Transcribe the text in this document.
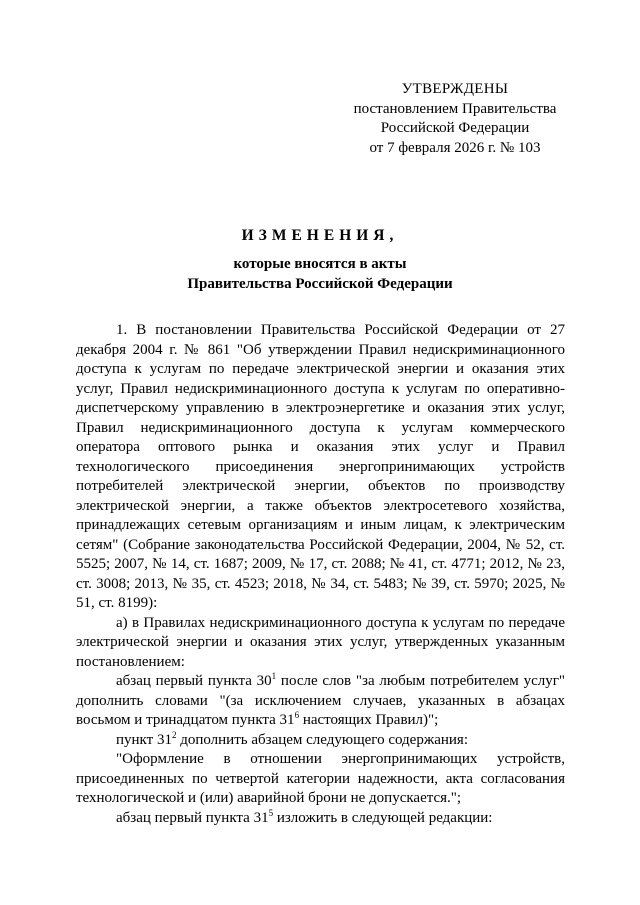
УТВЕРЖДЕНЫ
постановлением Правительства
Российской Федерации
от 7 февраля 2026 г. № 103
ИЗМЕНЕНИЯ,
которые вносятся в акты
Правительства Российской Федерации

1. В постановлении Правительства Российской Федерации от 27 декабря 2004 г. № 861 "Об утверждении Правил недискриминационного доступа к услугам по передаче электрической энергии и оказания этих услуг, Правил недискриминационного доступа к услугам по оперативно-диспетчерскому управлению в электроэнергетике и оказания этих услуг, Правил недискриминационного доступа к услугам коммерческого оператора оптового рынка и оказания этих услуг и Правил технологического присоединения энергопринимающих устройств потребителей электрической энергии, объектов по производству электрической энергии, а также объектов электросетевого хозяйства, принадлежащих сетевым организациям и иным лицам, к электрическим сетям" (Собрание законодательства Российской Федерации, 2004, № 52, ст. 5525; 2007, № 14, ст. 1687; 2009, № 17, ст. 2088; № 41, ст. 4771; 2012, № 23, ст. 3008; 2013, № 35, ст. 4523; 2018, № 34, ст. 5483; № 39, ст. 5970; 2025, № 51, ст. 8199):

а) в Правилах недискриминационного доступа к услугам по передаче электрической энергии и оказания этих услуг, утвержденных указанным постановлением:

абзац первый пункта $30^1$ после слов "за любым потребителем услуг" дополнить словами "(за исключением случаев, указанных в абзацах восьмом и тринадцатом пункта $31^6$ настоящих Правил)";

пункт $31^2$ дополнить абзацем следующего содержания:

"Оформление в отношении энергопринимающих устройств, присоединенных по четвертой категории надежности, акта согласования технологической и (или) аварийной брони не допускается.";

абзац первый пункта $31^5$ изложить в следующей редакции:
